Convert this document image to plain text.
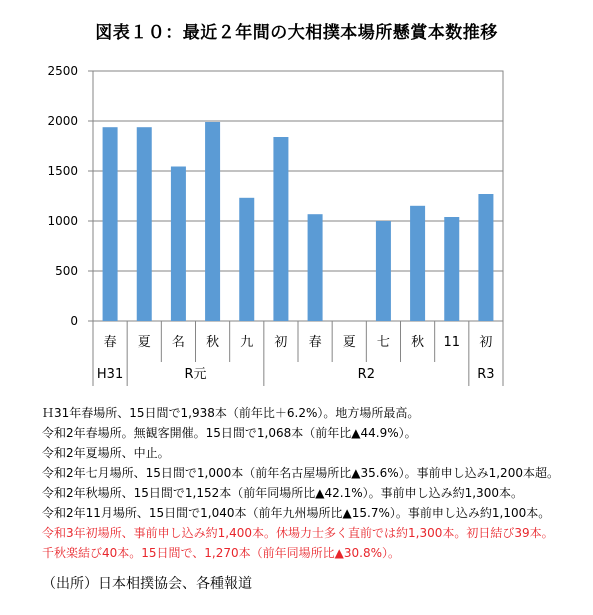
図表１０：最近２年間の大相撲本場所懸賞本数推移
0
500
1000
1500
2000
2500
春 夏 名 秋 九 初 春 夏 七 秋 11 初
H31	R元	R2	R3
Ｈ31年春場所、15日間で1,938本（前年比＋6.2%）。地方場所最高。
令和2年春場所。無観客開催。15日間で1,068本（前年比▲44.9%）。
令和2年夏場所、中止。
令和2年七月場所、15日間で1,000本（前年名古屋場所比▲35.6%）。事前申し込み1,200本超。
令和2年秋場所、15日間で1,152本（前年同場所比▲42.1%）。事前申し込み約1,300本。
令和2年11月場所、15日間で1,040本（前年九州場所比▲15.7%）。事前申し込み約1,100本。
令和3年初場所、事前申し込み約1,400本。休場力士多く直前では約1,300本。初日結び39本。
千秋楽結び40本。15日間で、1,270本（前年同場所比▲30.8%）。
（出所）日本相撲協会、各種報道
